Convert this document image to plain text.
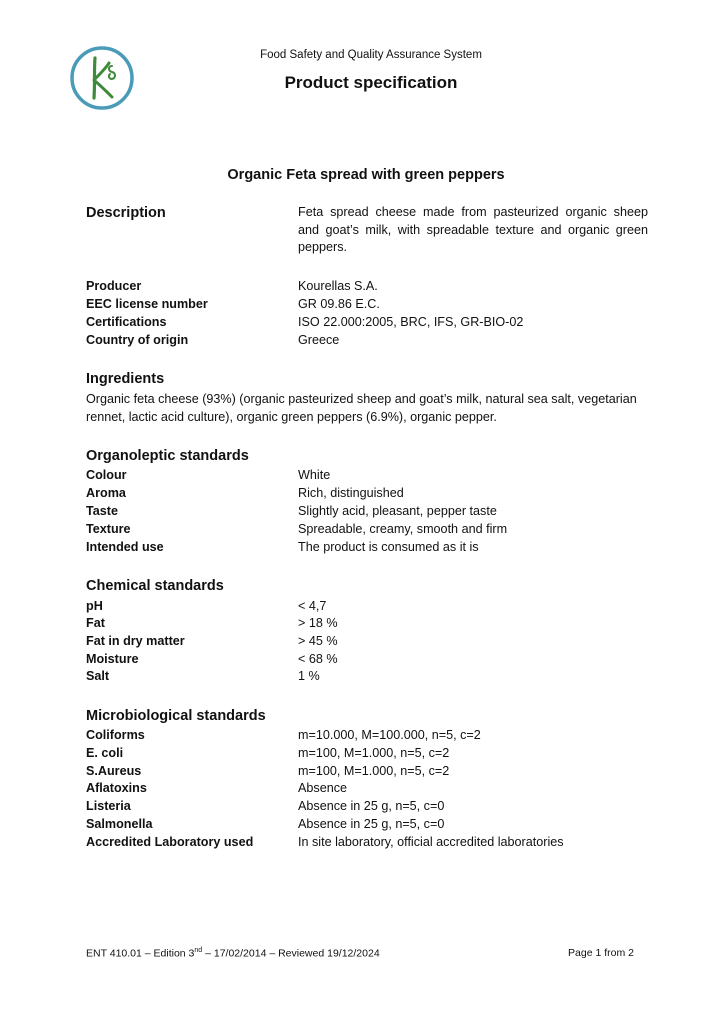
Food Safety and Quality Assurance System
Product specification
Organic Feta spread with green peppers
Description	Feta spread cheese made from pasteurized organic sheep and goat’s milk, with spreadable texture and organic green peppers.
Producer	Kourellas S.A.
EEC license number	GR 09.86 E.C.
Certifications	ISO 22.000:2005, BRC, IFS, GR-BIO-02
Country of origin	Greece
Ingredients
Organic feta cheese (93%) (organic pasteurized sheep and goat’s milk, natural sea salt, vegetarian rennet, lactic acid culture), organic green peppers (6.9%), organic pepper.
Organoleptic standards
Colour	White
Aroma	Rich, distinguished
Taste	Slightly acid, pleasant, pepper taste
Texture	Spreadable, creamy, smooth and firm
Intended use	The product is consumed as it is
Chemical standards
pH	< 4,7
Fat	> 18 %
Fat in dry matter	> 45 %
Moisture	< 68 %
Salt	1 %
Microbiological standards
Coliforms	m=10.000, M=100.000, n=5, c=2
E. coli	m=100, M=1.000, n=5, c=2
S.Aureus	m=100, M=1.000, n=5, c=2
Aflatoxins	Absence
Listeria	Absence in 25 g, n=5, c=0
Salmonella	Absence in 25 g, n=5, c=0
Accredited Laboratory used	In site laboratory, official accredited laboratories
ENT 410.01 – Edition 3nd – 17/02/2014 – Reviewed 19/12/2024	Page 1 from 2
